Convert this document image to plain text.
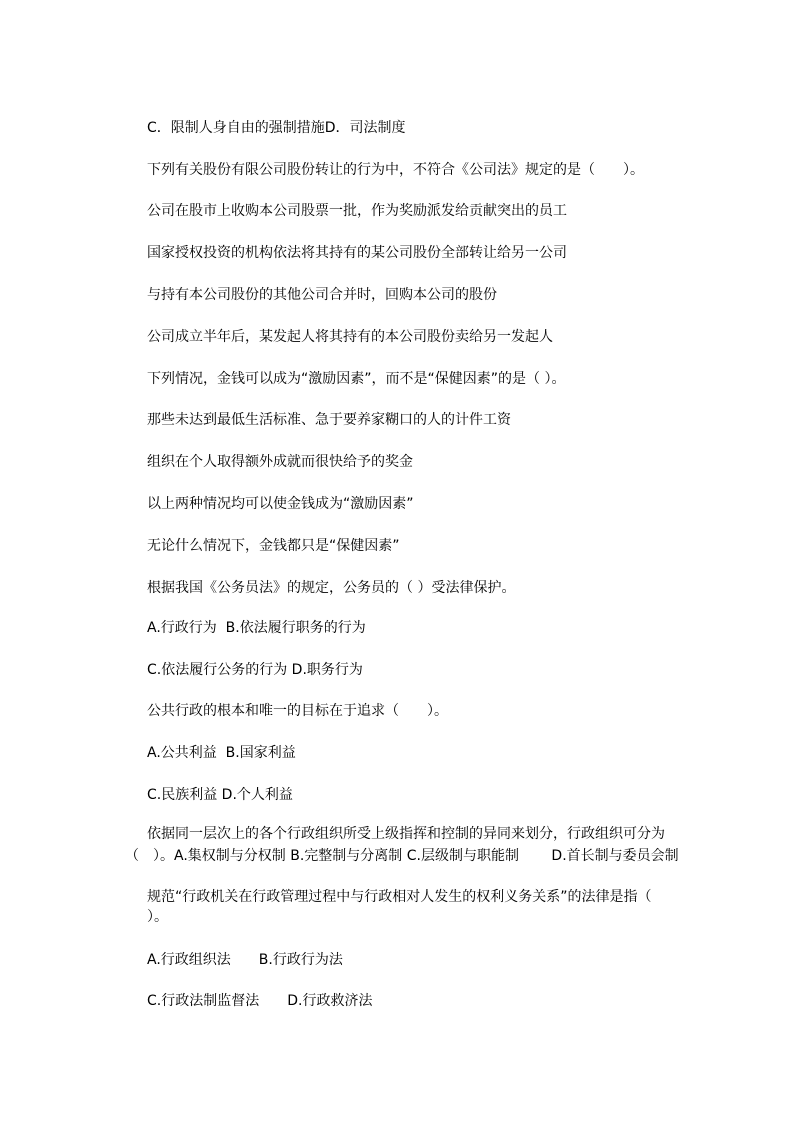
C．限制人身自由的强制措施D．司法制度
下列有关股份有限公司股份转让的行为中，不符合《公司法》规定的是（　　）。
公司在股市上收购本公司股票一批，作为奖励派发给贡献突出的员工
国家授权投资的机构依法将其持有的某公司股份全部转让给另一公司
与持有本公司股份的其他公司合并时，回购本公司的股份
公司成立半年后，某发起人将其持有的本公司股份卖给另一发起人
下列情况，金钱可以成为“激励因素”，而不是“保健因素”的是（ ）。
那些未达到最低生活标准、急于要养家糊口的人的计件工资
组织在个人取得额外成就而很快给予的奖金
以上两种情况均可以使金钱成为“激励因素”
无论什么情况下，金钱都只是“保健因素”
根据我国《公务员法》的规定，公务员的（ ）受法律保护。
A.行政行为  B.依法履行职务的行为
C.依法履行公务的行为 D.职务行为
公共行政的根本和唯一的目标在于追求（　　）。
A.公共利益  B.国家利益
C.民族利益 D.个人利益
依据同一层次上的各个行政组织所受上级指挥和控制的异同来划分，行政组织可分为
（　）。A.集权制与分权制 B.完整制与分离制 C.层级制与职能制　　 D.首长制与委员会制
规范“行政机关在行政管理过程中与行政相对人发生的权利义务关系”的法律是指（
）。
A.行政组织法　　B.行政行为法
C.行政法制监督法　　D.行政救济法
